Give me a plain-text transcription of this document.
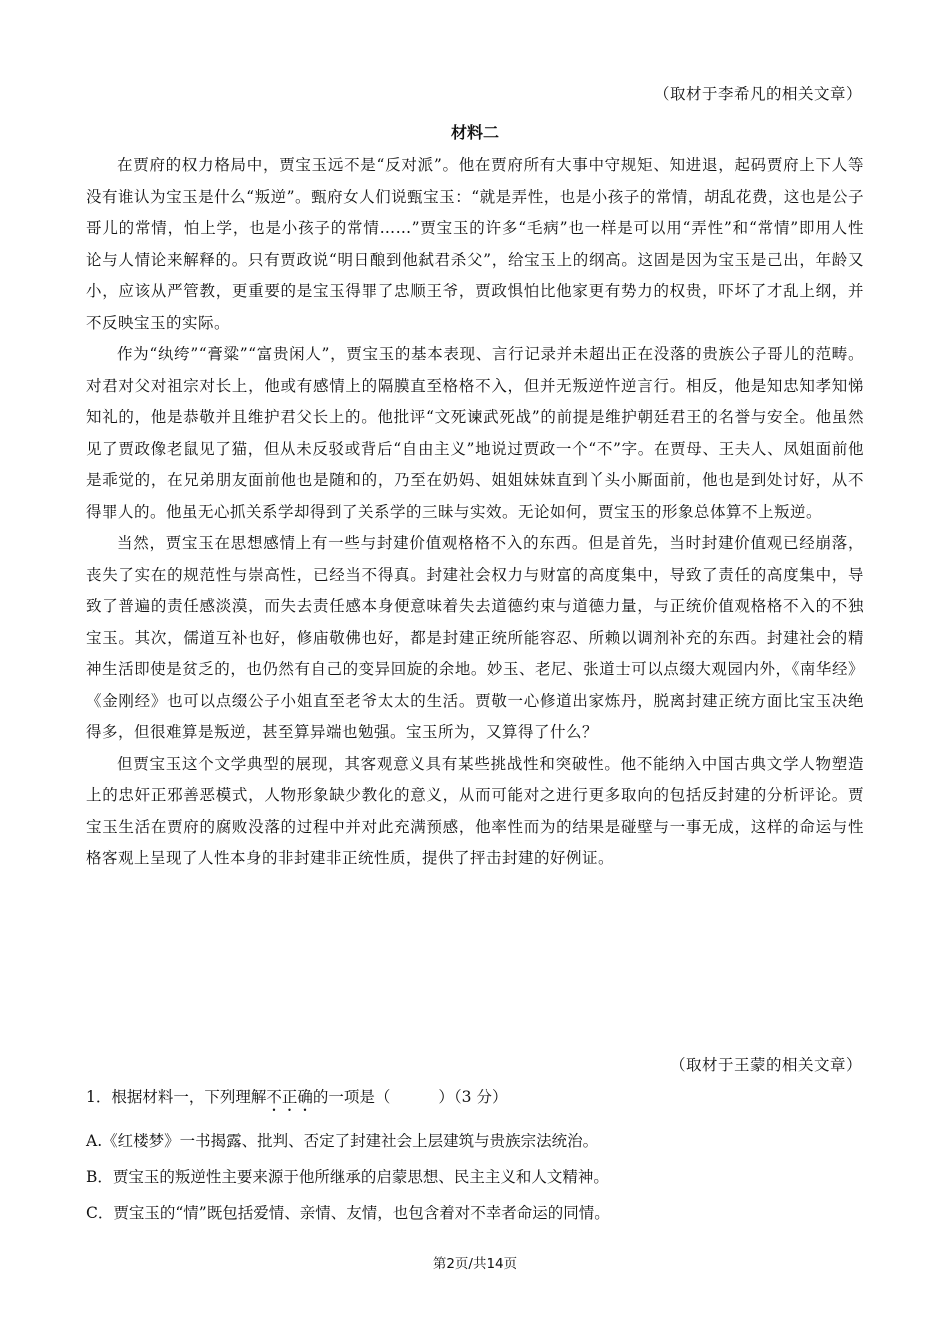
（取材于李希凡的相关文章）
材料二

在贾府的权力格局中，贾宝玉远不是“反对派”。他在贾府所有大事中守规矩、知进退，起码贾府上下人等没有谁认为宝玉是什么“叛逆”。甄府女人们说甄宝玉：“就是弄性，也是小孩子的常情，胡乱花费，这也是公子哥儿的常情，怕上学，也是小孩子的常情……”贾宝玉的许多“毛病”也一样是可以用“弄性”和“常情”即用人性论与人情论来解释的。只有贾政说“明日酿到他弑君杀父”，给宝玉上的纲高。这固是因为宝玉是己出，年龄又小，应该从严管教，更重要的是宝玉得罪了忠顺王爷，贾政惧怕比他家更有势力的权贵，吓坏了才乱上纲，并不反映宝玉的实际。

作为“纨绔”“膏粱”“富贵闲人”，贾宝玉的基本表现、言行记录并未超出正在没落的贵族公子哥儿的范畴。对君对父对祖宗对长上，他或有感情上的隔膜直至格格不入，但并无叛逆忤逆言行。相反，他是知忠知孝知悌知礼的，他是恭敬并且维护君父长上的。他批评“文死谏武死战”的前提是维护朝廷君王的名誉与安全。他虽然见了贾政像老鼠见了猫，但从未反驳或背后“自由主义”地说过贾政一个“不”字。在贾母、王夫人、凤姐面前他是乖觉的，在兄弟朋友面前他也是随和的，乃至在奶妈、姐姐妹妹直到丫头小厮面前，他也是到处讨好，从不得罪人的。他虽无心抓关系学却得到了关系学的三昧与实效。无论如何，贾宝玉的形象总体算不上叛逆。

当然，贾宝玉在思想感情上有一些与封建价值观格格不入的东西。但是首先，当时封建价值观已经崩落，丧失了实在的规范性与崇高性，已经当不得真。封建社会权力与财富的高度集中，导致了责任的高度集中，导致了普遍的责任感淡漠，而失去责任感本身便意味着失去道德约束与道德力量，与正统价值观格格不入的不独宝玉。其次，儒道互补也好，修庙敬佛也好，都是封建正统所能容忍、所赖以调剂补充的东西。封建社会的精神生活即使是贫乏的，也仍然有自己的变异回旋的余地。妙玉、老尼、张道士可以点缀大观园内外，《南华经》《金刚经》也可以点缀公子小姐直至老爷太太的生活。贾敬一心修道出家炼丹，脱离封建正统方面比宝玉决绝得多，但很难算是叛逆，甚至算异端也勉强。宝玉所为，又算得了什么？

但贾宝玉这个文学典型的展现，其客观意义具有某些挑战性和突破性。他不能纳入中国古典文学人物塑造上的忠奸正邪善恶模式，人物形象缺少教化的意义，从而可能对之进行更多取向的包括反封建的分析评论。贾宝玉生活在贾府的腐败没落的过程中并对此充满预感，他率性而为的结果是碰壁与一事无成，这样的命运与性格客观上呈现了人性本身的非封建非正统性质，提供了抨击封建的好例证。

（取材于王蒙的相关文章）
1．根据材料一，下列理解不正确的一项是（	）（3 分）
A.《红楼梦》一书揭露、批判、否定了封建社会上层建筑与贵族宗法统治。
B．贾宝玉的叛逆性主要来源于他所继承的启蒙思想、民主主义和人文精神。
C．贾宝玉的“情”既包括爱情、亲情、友情，也包含着对不幸者命运的同情。
第2页/共14页
